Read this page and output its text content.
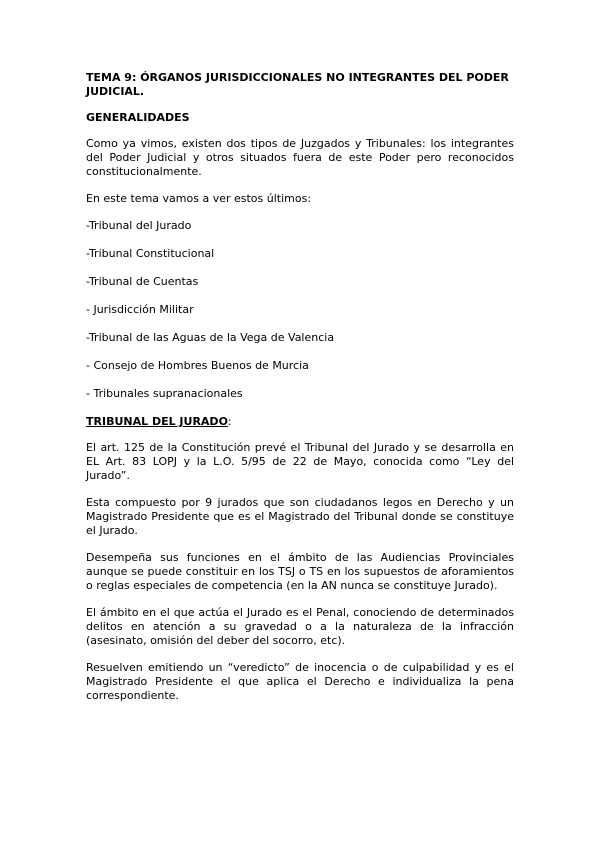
TEMA 9: ÓRGANOS JURISDICCIONALES NO INTEGRANTES DEL PODER JUDICIAL.

GENERALIDADES

Como ya vimos, existen dos tipos de Juzgados y Tribunales: los integrantes del Poder Judicial y otros situados fuera de este Poder pero reconocidos constitucionalmente.

En este tema vamos a ver estos últimos:

-Tribunal del Jurado

-Tribunal Constitucional

-Tribunal de Cuentas

- Jurisdicción Militar

-Tribunal de las Aguas de la Vega de Valencia

- Consejo de Hombres Buenos de Murcia

- Tribunales supranacionales

TRIBUNAL DEL JURADO:

El art. 125 de la Constitución prevé el Tribunal del Jurado y se desarrolla en EL Art. 83 LOPJ y la L.O. 5/95 de 22 de Mayo, conocida como “Ley del Jurado”.

Esta compuesto por 9 jurados que son ciudadanos legos en Derecho y un Magistrado Presidente que es el Magistrado del Tribunal donde se constituye el Jurado.

Desempeña sus funciones en el ámbito de las Audiencias Provinciales aunque se puede constituir en los TSJ o TS en los supuestos de aforamientos o reglas especiales de competencia (en la AN nunca se constituye Jurado).

El ámbito en el que actúa el Jurado es el Penal, conociendo de determinados delitos en atención a su gravedad o a la naturaleza de la infracción (asesinato, omisión del deber del socorro, etc).

Resuelven emitiendo un “veredicto” de inocencia o de culpabilidad y es el Magistrado Presidente el que aplica el Derecho e individualiza la pena correspondiente.
